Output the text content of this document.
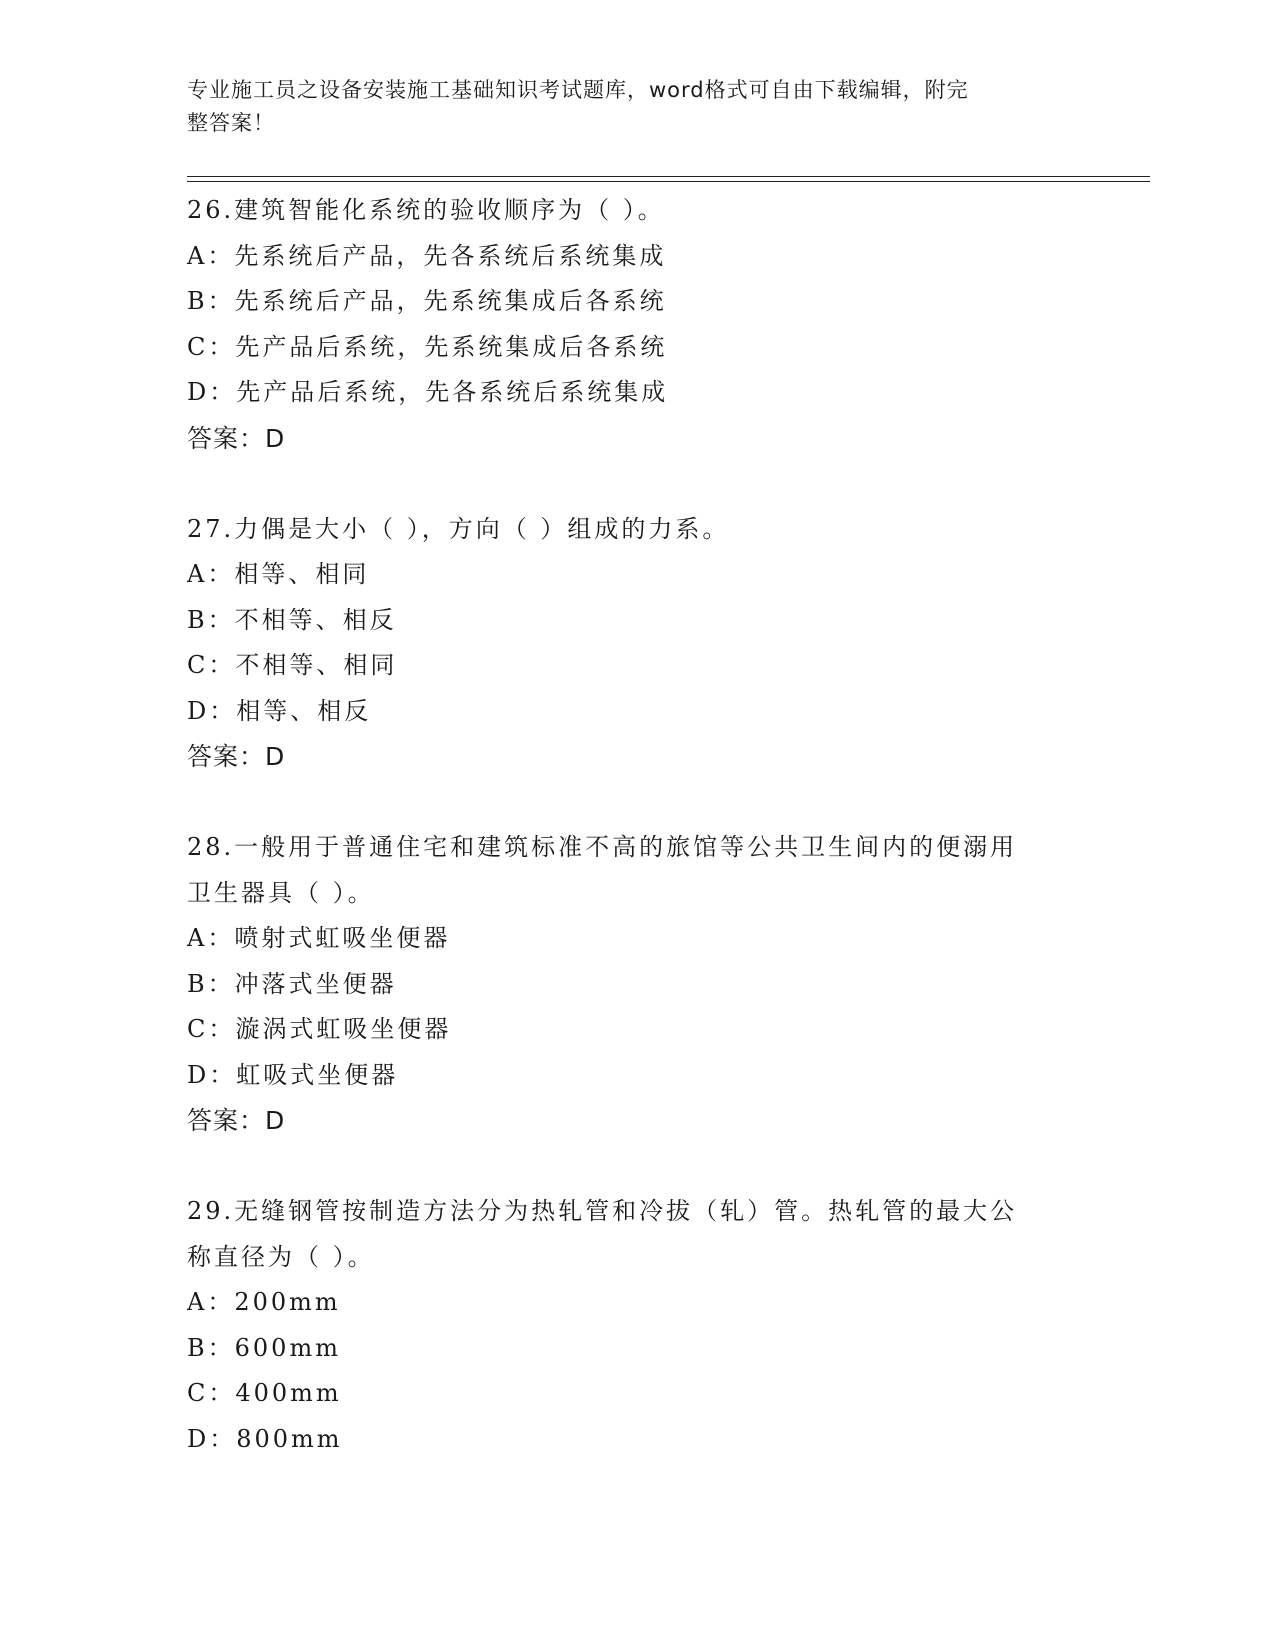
专业施工员之设备安装施工基础知识考试题库，word格式可自由下载编辑，附完
整答案！
26.建筑智能化系统的验收顺序为（ ）。
A：先系统后产品，先各系统后系统集成
B：先系统后产品，先系统集成后各系统
C：先产品后系统，先系统集成后各系统
D：先产品后系统，先各系统后系统集成
答案：D
27.力偶是大小（ ），方向（ ）组成的力系。
A：相等、相同
B：不相等、相反
C：不相等、相同
D：相等、相反
答案：D
28.一般用于普通住宅和建筑标准不高的旅馆等公共卫生间内的便溺用
卫生器具（ ）。
A：喷射式虹吸坐便器
B：冲落式坐便器
C：漩涡式虹吸坐便器
D：虹吸式坐便器
答案：D
29.无缝钢管按制造方法分为热轧管和冷拔（轧）管。热轧管的最大公
称直径为（ ）。
A：200mm
B：600mm
C：400mm
D：800mm
